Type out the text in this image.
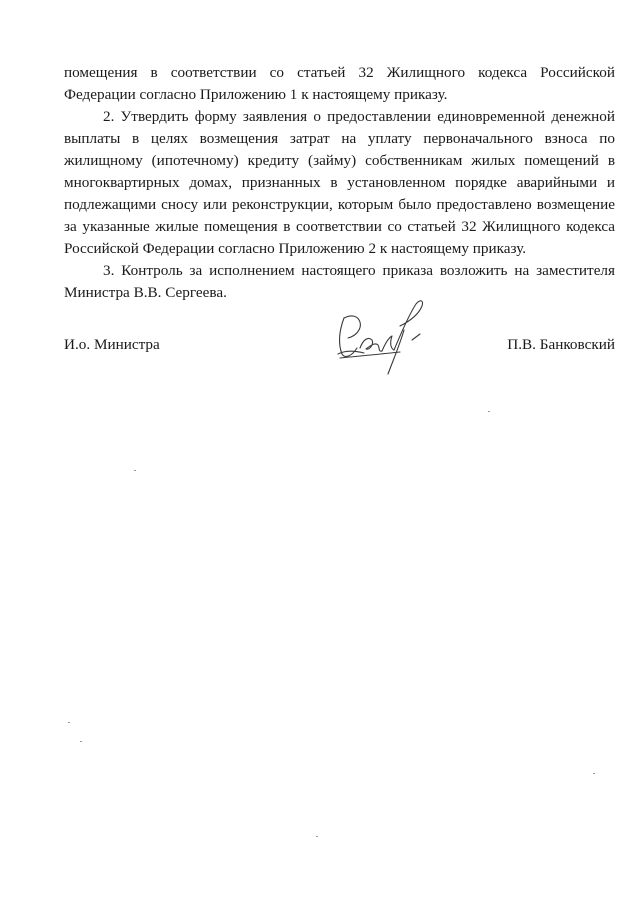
помещения в соответствии со статьей 32 Жилищного кодекса Российской Федерации согласно Приложению 1 к настоящему приказу.

2. Утвердить форму заявления о предоставлении единовременной денежной выплаты в целях возмещения затрат на уплату первоначального взноса по жилищному (ипотечному) кредиту (займу) собственникам жилых помещений в многоквартирных домах, признанных в установленном порядке аварийными и подлежащими сносу или реконструкции, которым было предоставлено возмещение за указанные жилые помещения в соответствии со статьей 32 Жилищного кодекса Российской Федерации согласно Приложению 2 к настоящему приказу.

3. Контроль за исполнением настоящего приказа возложить на заместителя Министра В.В. Сергеева.

И.о. Министра	П.В. Банковский
